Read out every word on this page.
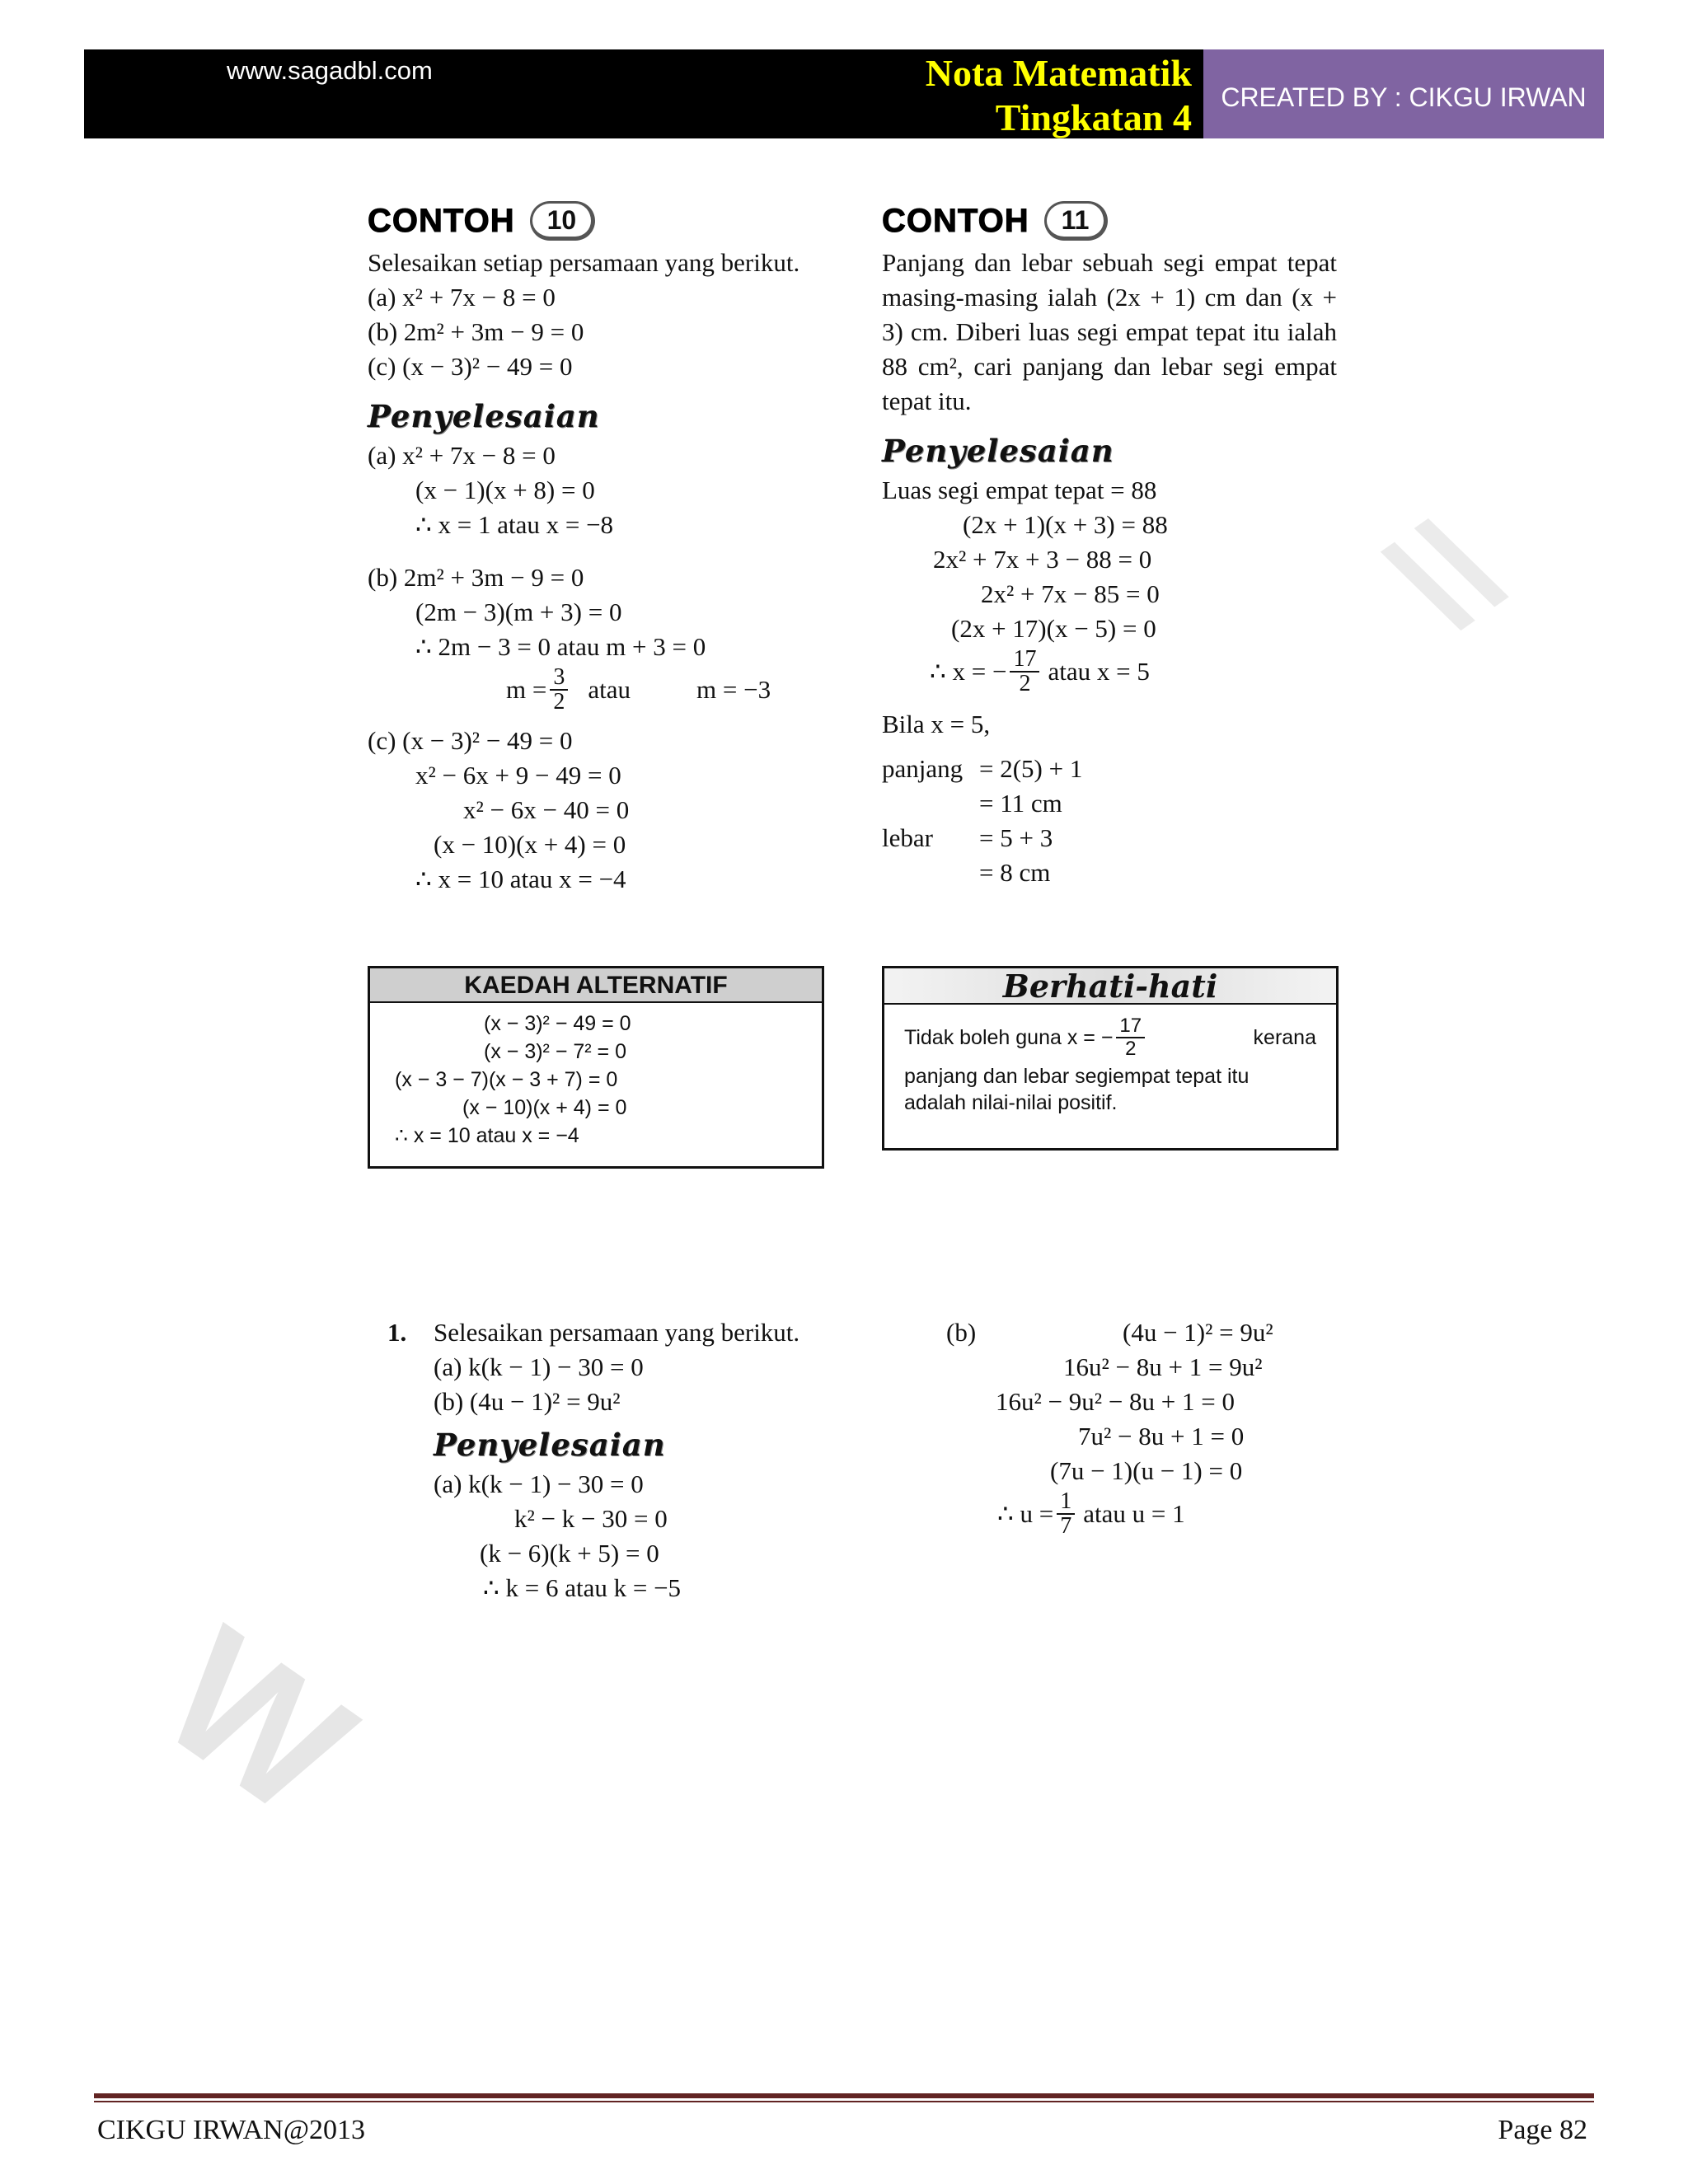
www.sagadbl.com	Nota Matematik
Tingkatan 4	CREATED BY : CIKGU IRWAN
CONTOH	10
Selesaikan setiap persamaan yang berikut.
(a) x² + 7x − 8 = 0
(b) 2m² + 3m − 9 = 0
(c) (x − 3)² − 49 = 0
Penyelesaian
(a) x² + 7x − 8 = 0
(x − 1)(x + 8) = 0
∴ x = 1 atau x = −8
(b) 2m² + 3m − 9 = 0
(2m − 3)(m + 3) = 0
∴ 2m − 3 = 0 atau m + 3 = 0
$m = \frac{3}{2}$ atau	m = −3
(c) (x − 3)² − 49 = 0
x² − 6x + 9 − 49 = 0
x² − 6x − 40 = 0
(x − 10)(x + 4) = 0
∴ x = 10 atau x = −4
KAEDAH ALTERNATIF
(x − 3)² − 49 = 0
(x − 3)² − 7² = 0
(x − 3 − 7)(x − 3 + 7) = 0
(x − 10)(x + 4) = 0
∴ x = 10 atau x = −4
CONTOH	11
Panjang dan lebar sebuah segi empat tepat masing-masing ialah (2x + 1) cm dan (x + 3) cm. Diberi luas segi empat tepat itu ialah 88 cm², cari panjang dan lebar segi empat tepat itu.
Penyelesaian
Luas segi empat tepat = 88
(2x + 1)(x + 3) = 88
2x² + 7x + 3 − 88 = 0
2x² + 7x − 85 = 0
(2x + 17)(x − 5) = 0
∴ x = − $\frac{17}{2}$ atau x = 5
Bila x = 5,
panjang = 2(5) + 1
= 11 cm
lebar = 5 + 3
= 8 cm
Berhati-hati
Tidak boleh guna x = − $\frac{17}{2}$	kerana
panjang dan lebar segiempat tepat itu
adalah nilai-nilai positif.
1.	Selesaikan persamaan yang berikut.
(a) k(k − 1) − 30 = 0
(b) (4u − 1)² = 9u²
Penyelesaian
(a) k(k − 1) − 30 = 0
k² − k − 30 = 0
(k − 6)(k + 5) = 0
∴ k = 6 atau k = −5
(b)	(4u − 1)² = 9u²
16u² − 8u + 1 = 9u²
16u² − 9u² − 8u + 1 = 0
7u² − 8u + 1 = 0
(7u − 1)(u − 1) = 0
∴ $u = \frac{1}{7}$ atau u = 1
W
\\
CIKGU IRWAN@2013	Page 82
